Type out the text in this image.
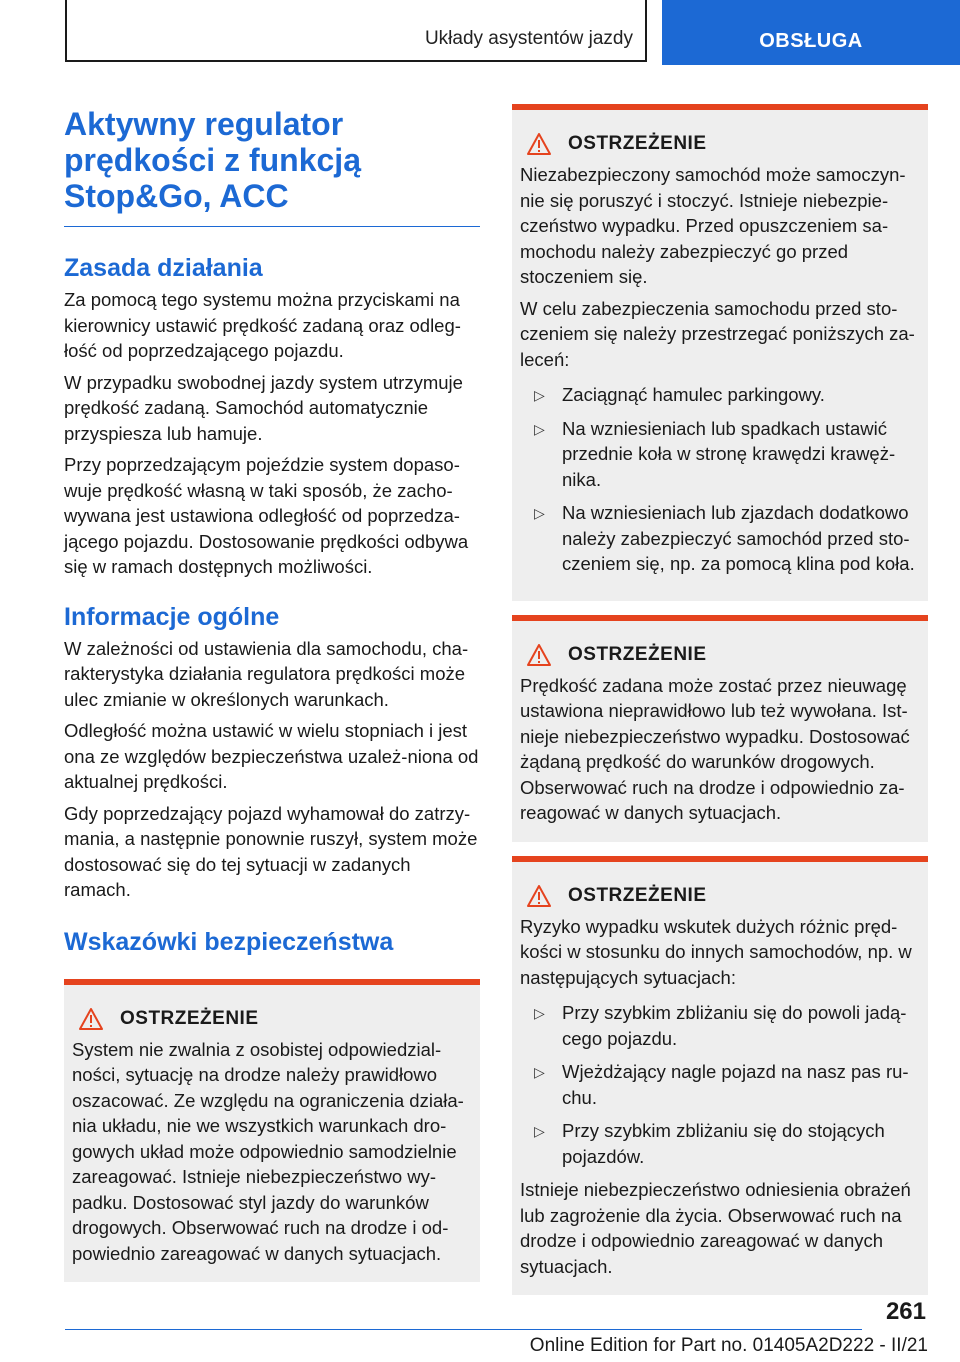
Układy asystentów jazdy	OBSŁUGA
Aktywny regulator
prędkości z funkcją
Stop&Go, ACC
Zasada działania

Za pomocą tego systemu można przyciskami na kierownicy ustawić prędkość zadaną oraz odleg-łość od poprzedzającego pojazdu.

W przypadku swobodnej jazdy system utrzymuje prędkość zadaną. Samochód automatycznie przyspiesza lub hamuje.

Przy poprzedzającym pojeździe system dopaso-wuje prędkość własną w taki sposób, że zacho-wywana jest ustawiona odległość od poprzedza-jącego pojazdu. Dostosowanie prędkości odbywa się w ramach dostępnych możliwości.

Informacje ogólne

W zależności od ustawienia dla samochodu, cha-rakterystyka działania regulatora prędkości może ulec zmianie w określonych warunkach.

Odległość można ustawić w wielu stopniach i jest ona ze względów bezpieczeństwa uzależ-niona od aktualnej prędkości.

Gdy poprzedzający pojazd wyhamował do zatrzy-mania, a następnie ponownie ruszył, system może dostosować się do tej sytuacji w zadanych ramach.

Wskazówki bezpieczeństwa
OSTRZEŻENIE

System nie zwalnia z osobistej odpowiedzial-ności, sytuację na drodze należy prawidłowo oszacować. Ze względu na ograniczenia działa-nia układu, nie we wszystkich warunkach dro-gowych układ może odpowiednio samodzielnie zareagować. Istnieje niebezpieczeństwo wy-padku. Dostosować styl jazdy do warunków drogowych. Obserwować ruch na drodze i od-powiednio zareagować w danych sytuacjach.

OSTRZEŻENIE

Niezabezpieczony samochód może samoczyn-nie się poruszyć i stoczyć. Istnieje niebezpie-czeństwo wypadku. Przed opuszczeniem sa-mochodu należy zabezpieczyć go przed stoczeniem się.

W celu zabezpieczenia samochodu przed sto-czeniem się należy przestrzegać poniższych za-leceń:

▷ Zaciągnąć hamulec parkingowy.
▷ Na wzniesieniach lub spadkach ustawić przednie koła w stronę krawędzi krawęż-nika.
▷ Na wzniesieniach lub zjazdach dodatkowo należy zabezpieczyć samochód przed sto-czeniem się, np. za pomocą klina pod koła.
OSTRZEŻENIE

Prędkość zadana może zostać przez nieuwagę ustawiona nieprawidłowo lub też wywołana. Ist-nieje niebezpieczeństwo wypadku. Dostosować żądaną prędkość do warunków drogowych. Obserwować ruch na drodze i odpowiednio za-reagować w danych sytuacjach.

OSTRZEŻENIE

Ryzyko wypadku wskutek dużych różnic pręd-kości w stosunku do innych samochodów, np. w następujących sytuacjach:

▷ Przy szybkim zbliżaniu się do powoli jadą-cego pojazdu.
▷ Wjeżdżający nagle pojazd na nasz pas ru-chu.
▷ Przy szybkim zbliżaniu się do stojących pojazdów.

Istnieje niebezpieczeństwo odniesienia obrażeń lub zagrożenie dla życia. Obserwować ruch na drodze i odpowiednio zareagować w danych sytuacjach.

261
Online Edition for Part no. 01405A2D222 - II/21
